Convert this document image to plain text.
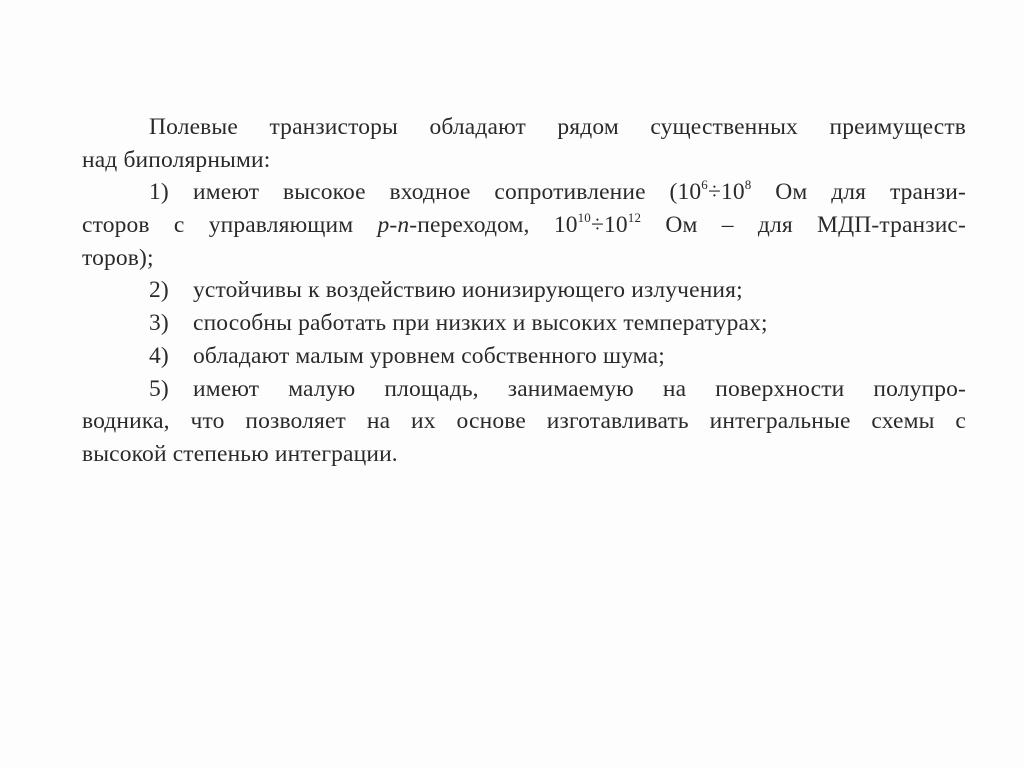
Полевые транзисторы обладают рядом существенных преимуществ
над биполярными:
1) имеют высокое входное сопротивление ($10^6\div 10^8$ Ом для транзи-
сторов с управляющим p-n-переходом, $10^{10}\div 10^{12}$ Ом – для МДП-транзис-
торов);
2) устойчивы к воздействию ионизирующего излучения;
3) способны работать при низких и высоких температурах;
4) обладают малым уровнем собственного шума;
5) имеют малую площадь, занимаемую на поверхности полупро-
водника, что позволяет на их основе изготавливать интегральные схемы с
высокой степенью интеграции.
